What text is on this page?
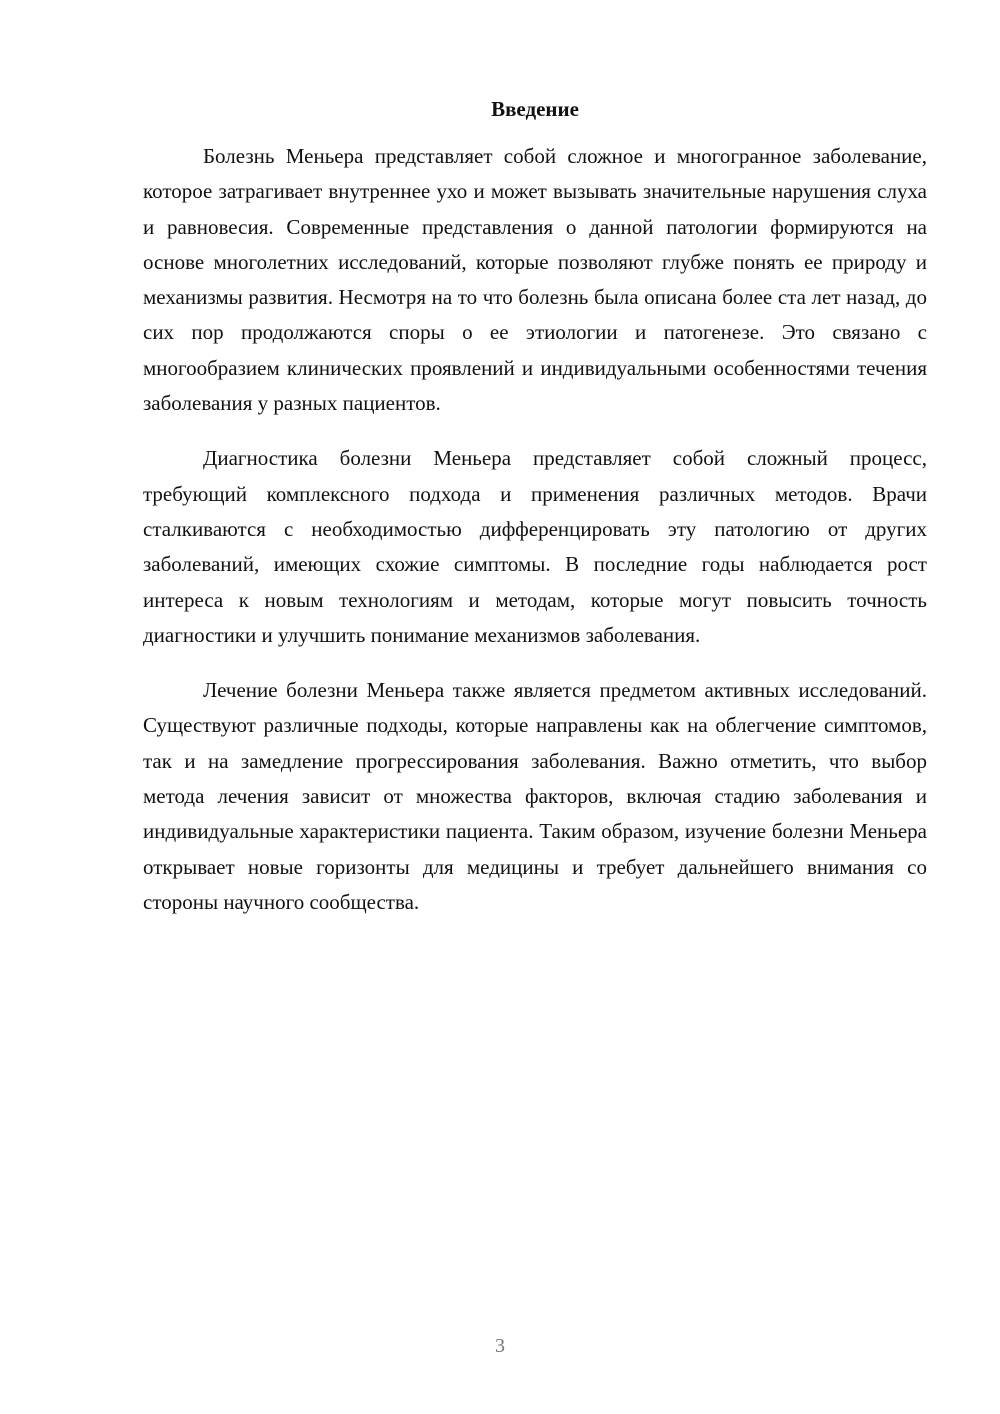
Введение

Болезнь Меньера представляет собой сложное и многогранное заболевание, которое затрагивает внутреннее ухо и может вызывать значительные нарушения слуха и равновесия. Современные представления о данной патологии формируются на основе многолетних исследований, которые позволяют глубже понять ее природу и механизмы развития. Несмотря на то что болезнь была описана более ста лет назад, до сих пор продолжаются споры о ее этиологии и патогенезе. Это связано с многообразием клинических проявлений и индивидуальными особенностями течения заболевания у разных пациентов.

Диагностика болезни Меньера представляет собой сложный процесс, требующий комплексного подхода и применения различных методов. Врачи сталкиваются с необходимостью дифференцировать эту патологию от других заболеваний, имеющих схожие симптомы. В последние годы наблюдается рост интереса к новым технологиям и методам, которые могут повысить точность диагностики и улучшить понимание механизмов заболевания.

Лечение болезни Меньера также является предметом активных исследований. Существуют различные подходы, которые направлены как на облегчение симптомов, так и на замедление прогрессирования заболевания. Важно отметить, что выбор метода лечения зависит от множества факторов, включая стадию заболевания и индивидуальные характеристики пациента. Таким образом, изучение болезни Меньера открывает новые горизонты для медицины и требует дальнейшего внимания со стороны научного сообщества.

3
